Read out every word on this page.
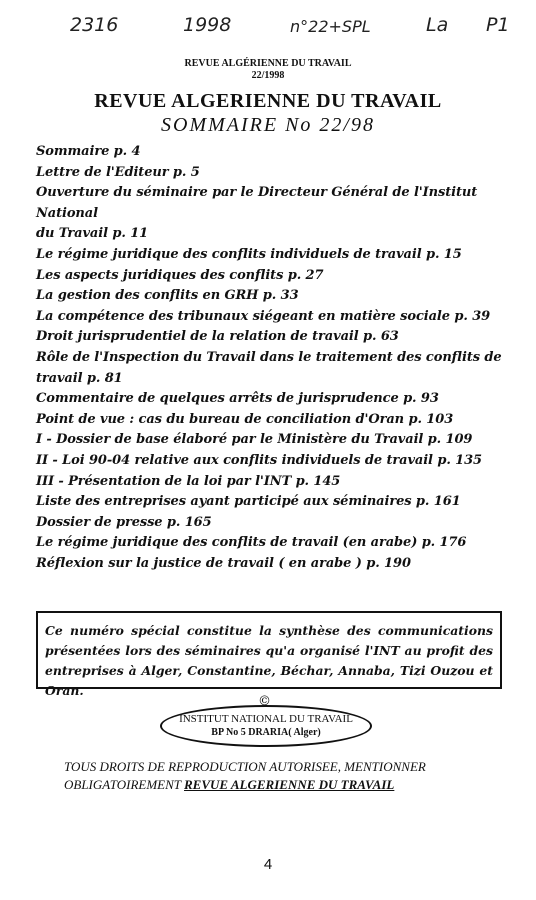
2316	1998	n°22+SPL	La P1
REVUE ALGÉRIENNE DU TRAVAIL
22/1998
REVUE ALGERIENNE DU TRAVAIL
SOMMAIRE No 22/98
Sommaire p. 4
Lettre de l'Editeur p. 5
Ouverture du séminaire par le Directeur Général de l'Institut National
du Travail p. 11
Le régime juridique des conflits individuels de travail p. 15
Les aspects juridiques des conflits p. 27
La gestion des conflits en GRH p. 33
La compétence des tribunaux siégeant en matière sociale p. 39
Droit jurisprudentiel de la relation de travail p. 63
Rôle de l'Inspection du Travail dans le traitement des conflits de
travail p. 81
Commentaire de quelques arrêts de jurisprudence p. 93
Point de vue : cas du bureau de conciliation d'Oran p. 103
I - Dossier de base élaboré par le Ministère du Travail p. 109
II - Loi 90-04 relative aux conflits individuels de travail p. 135
III - Présentation de la loi par l'INT p. 145
Liste des entreprises ayant participé aux séminaires p. 161
Dossier de presse p. 165
Le régime juridique des conflits de travail (en arabe) p. 176
Réflexion sur la justice de travail ( en arabe ) p. 190
Ce numéro spécial constitue la synthèse des communications présentées lors des séminaires qu'a organisé l'INT au profit des entreprises à Alger, Constantine, Béchar, Annaba, Tizi Ouzou et Oran.
©
INSTITUT NATIONAL DU TRAVAIL
BP No 5 DRARIA( Alger)
TOUS DROITS DE REPRODUCTION AUTORISEE, MENTIONNER OBLIGATOIREMENT REVUE ALGERIENNE DU TRAVAIL
4
